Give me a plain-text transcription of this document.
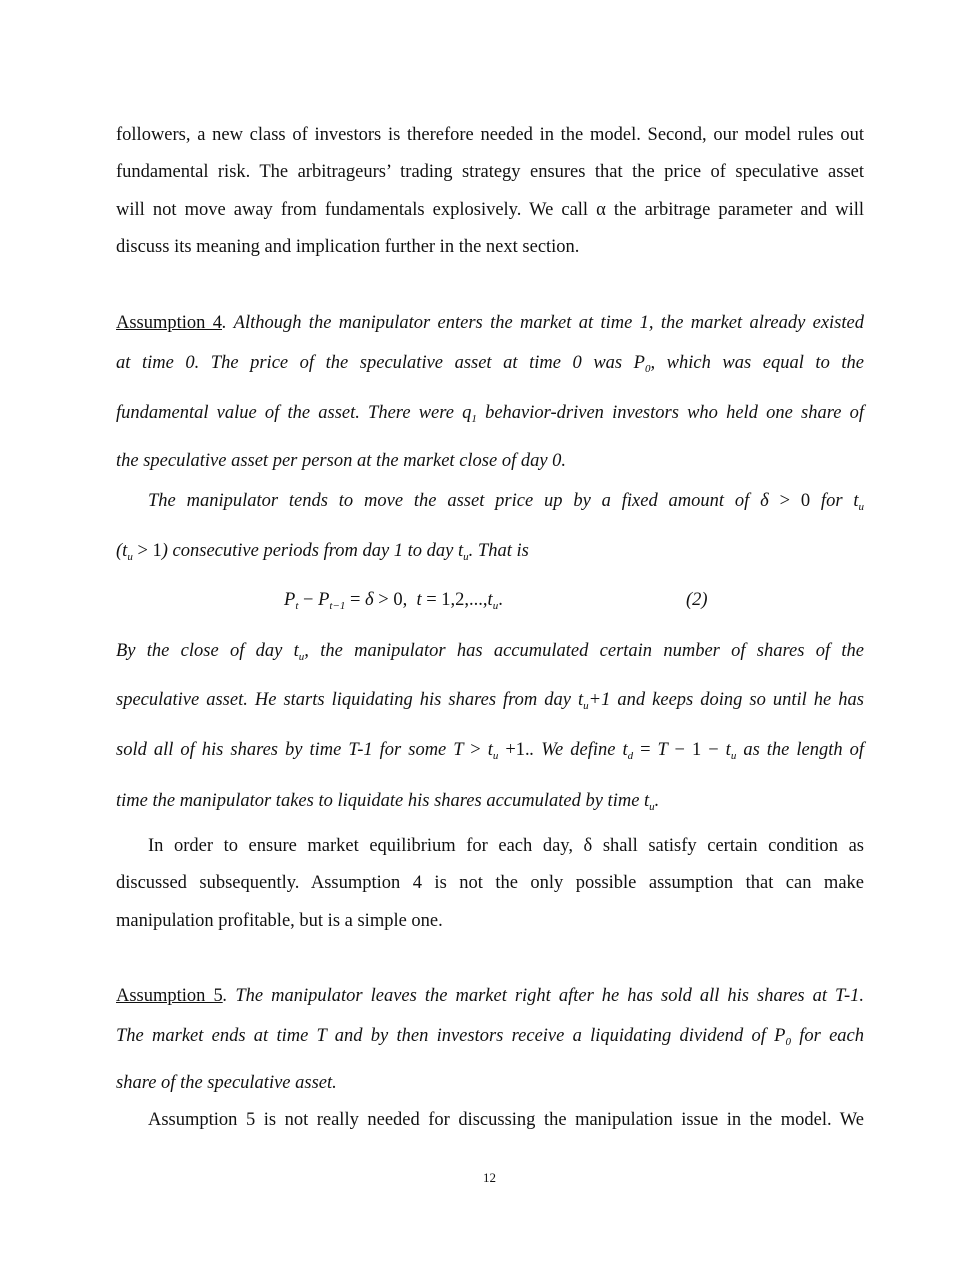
followers, a new class of investors is therefore needed in the model. Second, our model rules out
fundamental risk. The arbitrageurs’ trading strategy ensures that the price of speculative asset
will not move away from fundamentals explosively. We call α the arbitrage parameter and will
discuss its meaning and implication further in the next section.
Assumption 4. Although the manipulator enters the market at time 1, the market already existed
at time 0. The price of the speculative asset at time 0 was $P_0$, which was equal to the
fundamental value of the asset. There were $q_1$ behavior-driven investors who held one share of
the speculative asset per person at the market close of day 0.
The manipulator tends to move the asset price up by a fixed amount of δ > 0 for $t_u$
$(t_u > 1)$ consecutive periods from day 1 to day $t_u$. That is
$P_t - P_{t-1} = \delta > 0$,  $t = 1,2,...,t_u$.	(2)
By the close of day $t_u$, the manipulator has accumulated certain number of shares of the
speculative asset. He starts liquidating his shares from day $t_u+1$ and keeps doing so until he has
sold all of his shares by time T-1 for some $T > t_u +1$.. We define $t_d = T - 1 - t_u$ as the length of
time the manipulator takes to liquidate his shares accumulated by time $t_u$.
In order to ensure market equilibrium for each day, δ shall satisfy certain condition as
discussed subsequently. Assumption 4 is not the only possible assumption that can make
manipulation profitable, but is a simple one.
Assumption 5. The manipulator leaves the market right after he has sold all his shares at T-1.
The market ends at time T and by then investors receive a liquidating dividend of $P_0$ for each
share of the speculative asset.
Assumption 5 is not really needed for discussing the manipulation issue in the model. We
12
